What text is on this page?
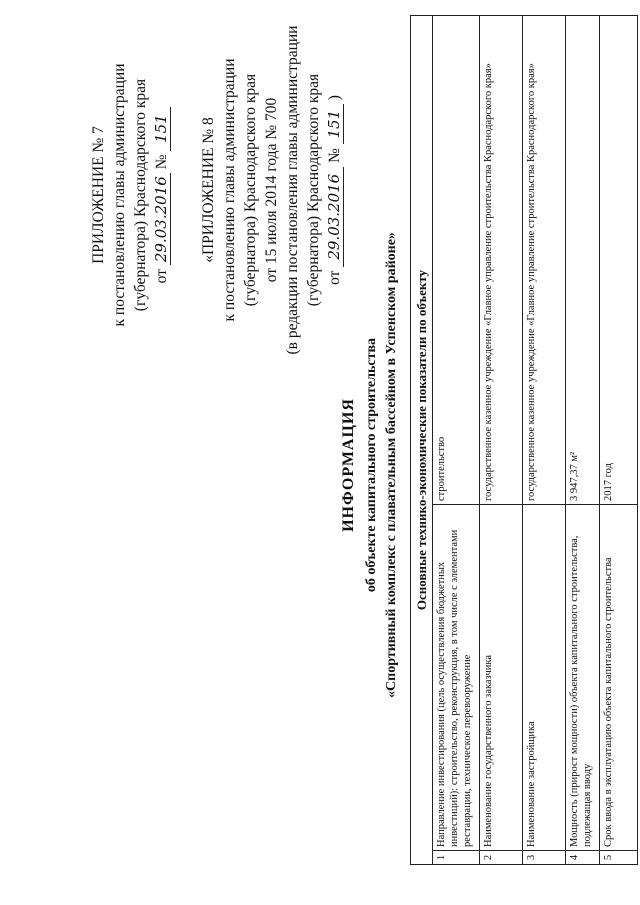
ПРИЛОЖЕНИЕ № 7 к постановлению главы администрации (губернатора) Краснодарского края от 29.03.2016 № 151 «ПРИЛОЖЕНИЕ № 8 к постановлению главы администрации (губернатора) Краснодарского края от 15 июля 2014 года № 700 (в редакции постановления главы администрации (губернатора) Краснодарского края от 29.03.2016 № 151 )
ИНФОРМАЦИЯ об объекте капитального строительства «Спортивный комплекс с плавательным бассейном в Успенском районе» Основные технико-экономические показатели по объекту
1
Направление инвестирования (цель осуществления бюджетных инвестиций): строительство, реконструкция, в том числе с элементами реставрации, техническое перевооружение
строительство
2
Наименование государственного заказчика
государственное казенное учреждение «Главное управление строительства Краснодарского края»
3
Наименование застройщика
государственное казенное учреждение «Главное управление строительства Краснодарского края»
4
Мощность (прирост мощности) объекта капитального строительства, подлежащая вводу
3 947,37 м²
5
Срок ввода в эксплуатацию объекта капитального строительства
2017 год
